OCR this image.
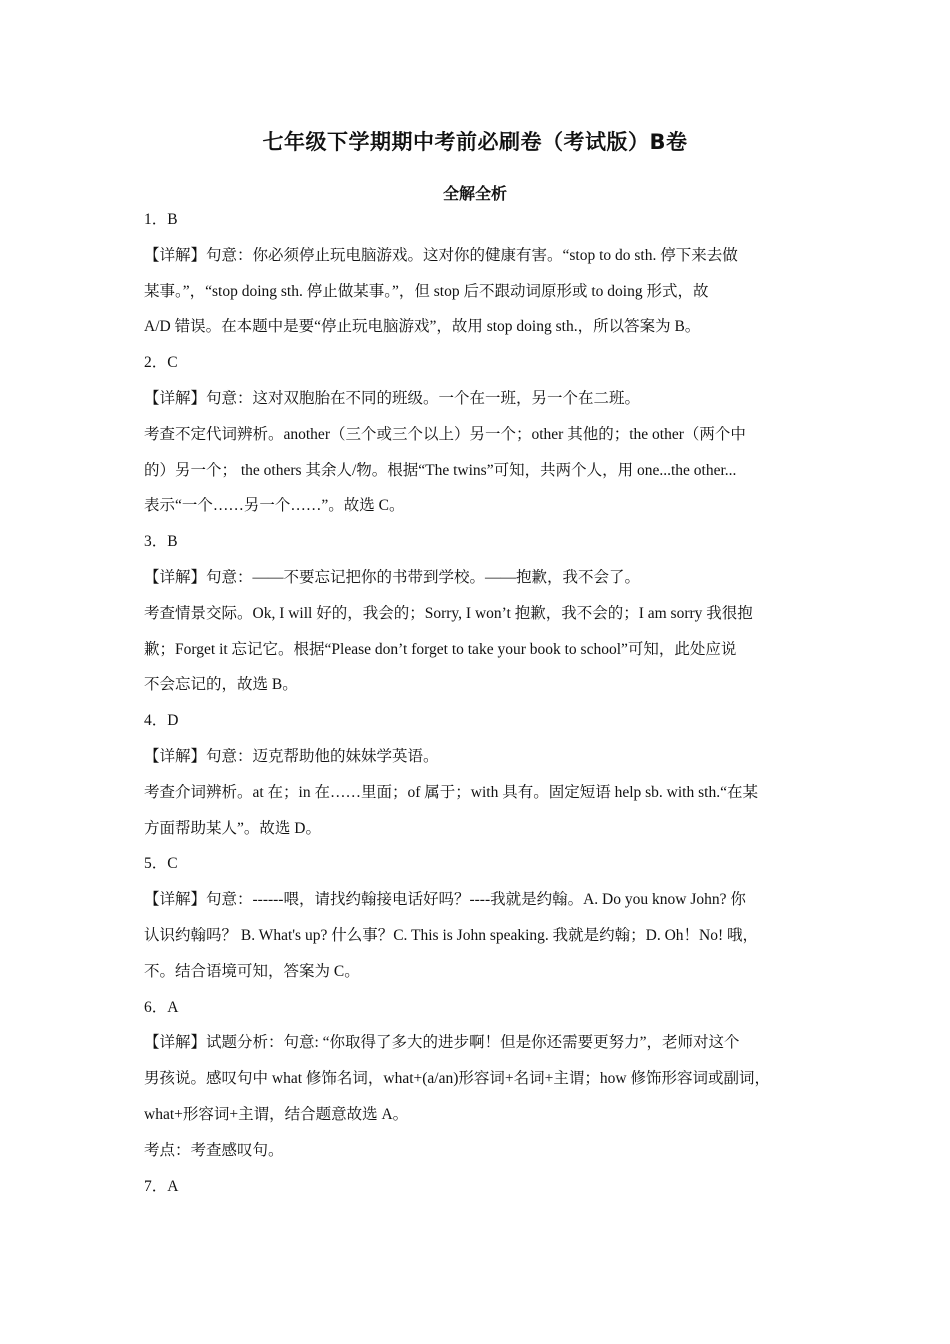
七年级下学期期中考前必刷卷（考试版）B卷
全解全析
1．B
【详解】句意：你必须停止玩电脑游戏。这对你的健康有害。“stop to do sth. 停下来去做
某事。”，“stop doing sth. 停止做某事。”，但 stop 后不跟动词原形或 to doing 形式，故
A/D 错误。在本题中是要“停止玩电脑游戏”，故用 stop doing sth.，所以答案为 B。
2．C
【详解】句意：这对双胞胎在不同的班级。一个在一班，另一个在二班。
考查不定代词辨析。another（三个或三个以上）另一个；other 其他的；the other（两个中
的）另一个； the others 其余人/物。根据“The twins”可知，共两个人，用 one...the other...
表示“一个……另一个……”。故选 C。
3．B
【详解】句意：——不要忘记把你的书带到学校。——抱歉，我不会了。
考查情景交际。Ok, I will 好的，我会的；Sorry, I won’t 抱歉，我不会的；I am sorry 我很抱
歉；Forget it 忘记它。根据“Please don’t forget to take your book to school”可知，此处应说
不会忘记的，故选 B。
4．D
【详解】句意：迈克帮助他的妹妹学英语。
考查介词辨析。at 在；in 在……里面；of 属于；with 具有。固定短语 help sb. with sth.“在某
方面帮助某人”。故选 D。
5．C
【详解】句意：------喂，请找约翰接电话好吗？----我就是约翰。A. Do you know John? 你
认识约翰吗？ B. What's up? 什么事？C. This is John speaking. 我就是约翰；D. Oh！No! 哦，
不。结合语境可知，答案为 C。
6．A
【详解】试题分析：句意: “你取得了多大的进步啊！但是你还需要更努力”，老师对这个
男孩说。感叹句中 what 修饰名词，what+(a/an)形容词+名词+主谓；how 修饰形容词或副词，
what+形容词+主谓，结合题意故选 A。
考点：考查感叹句。
7．A
